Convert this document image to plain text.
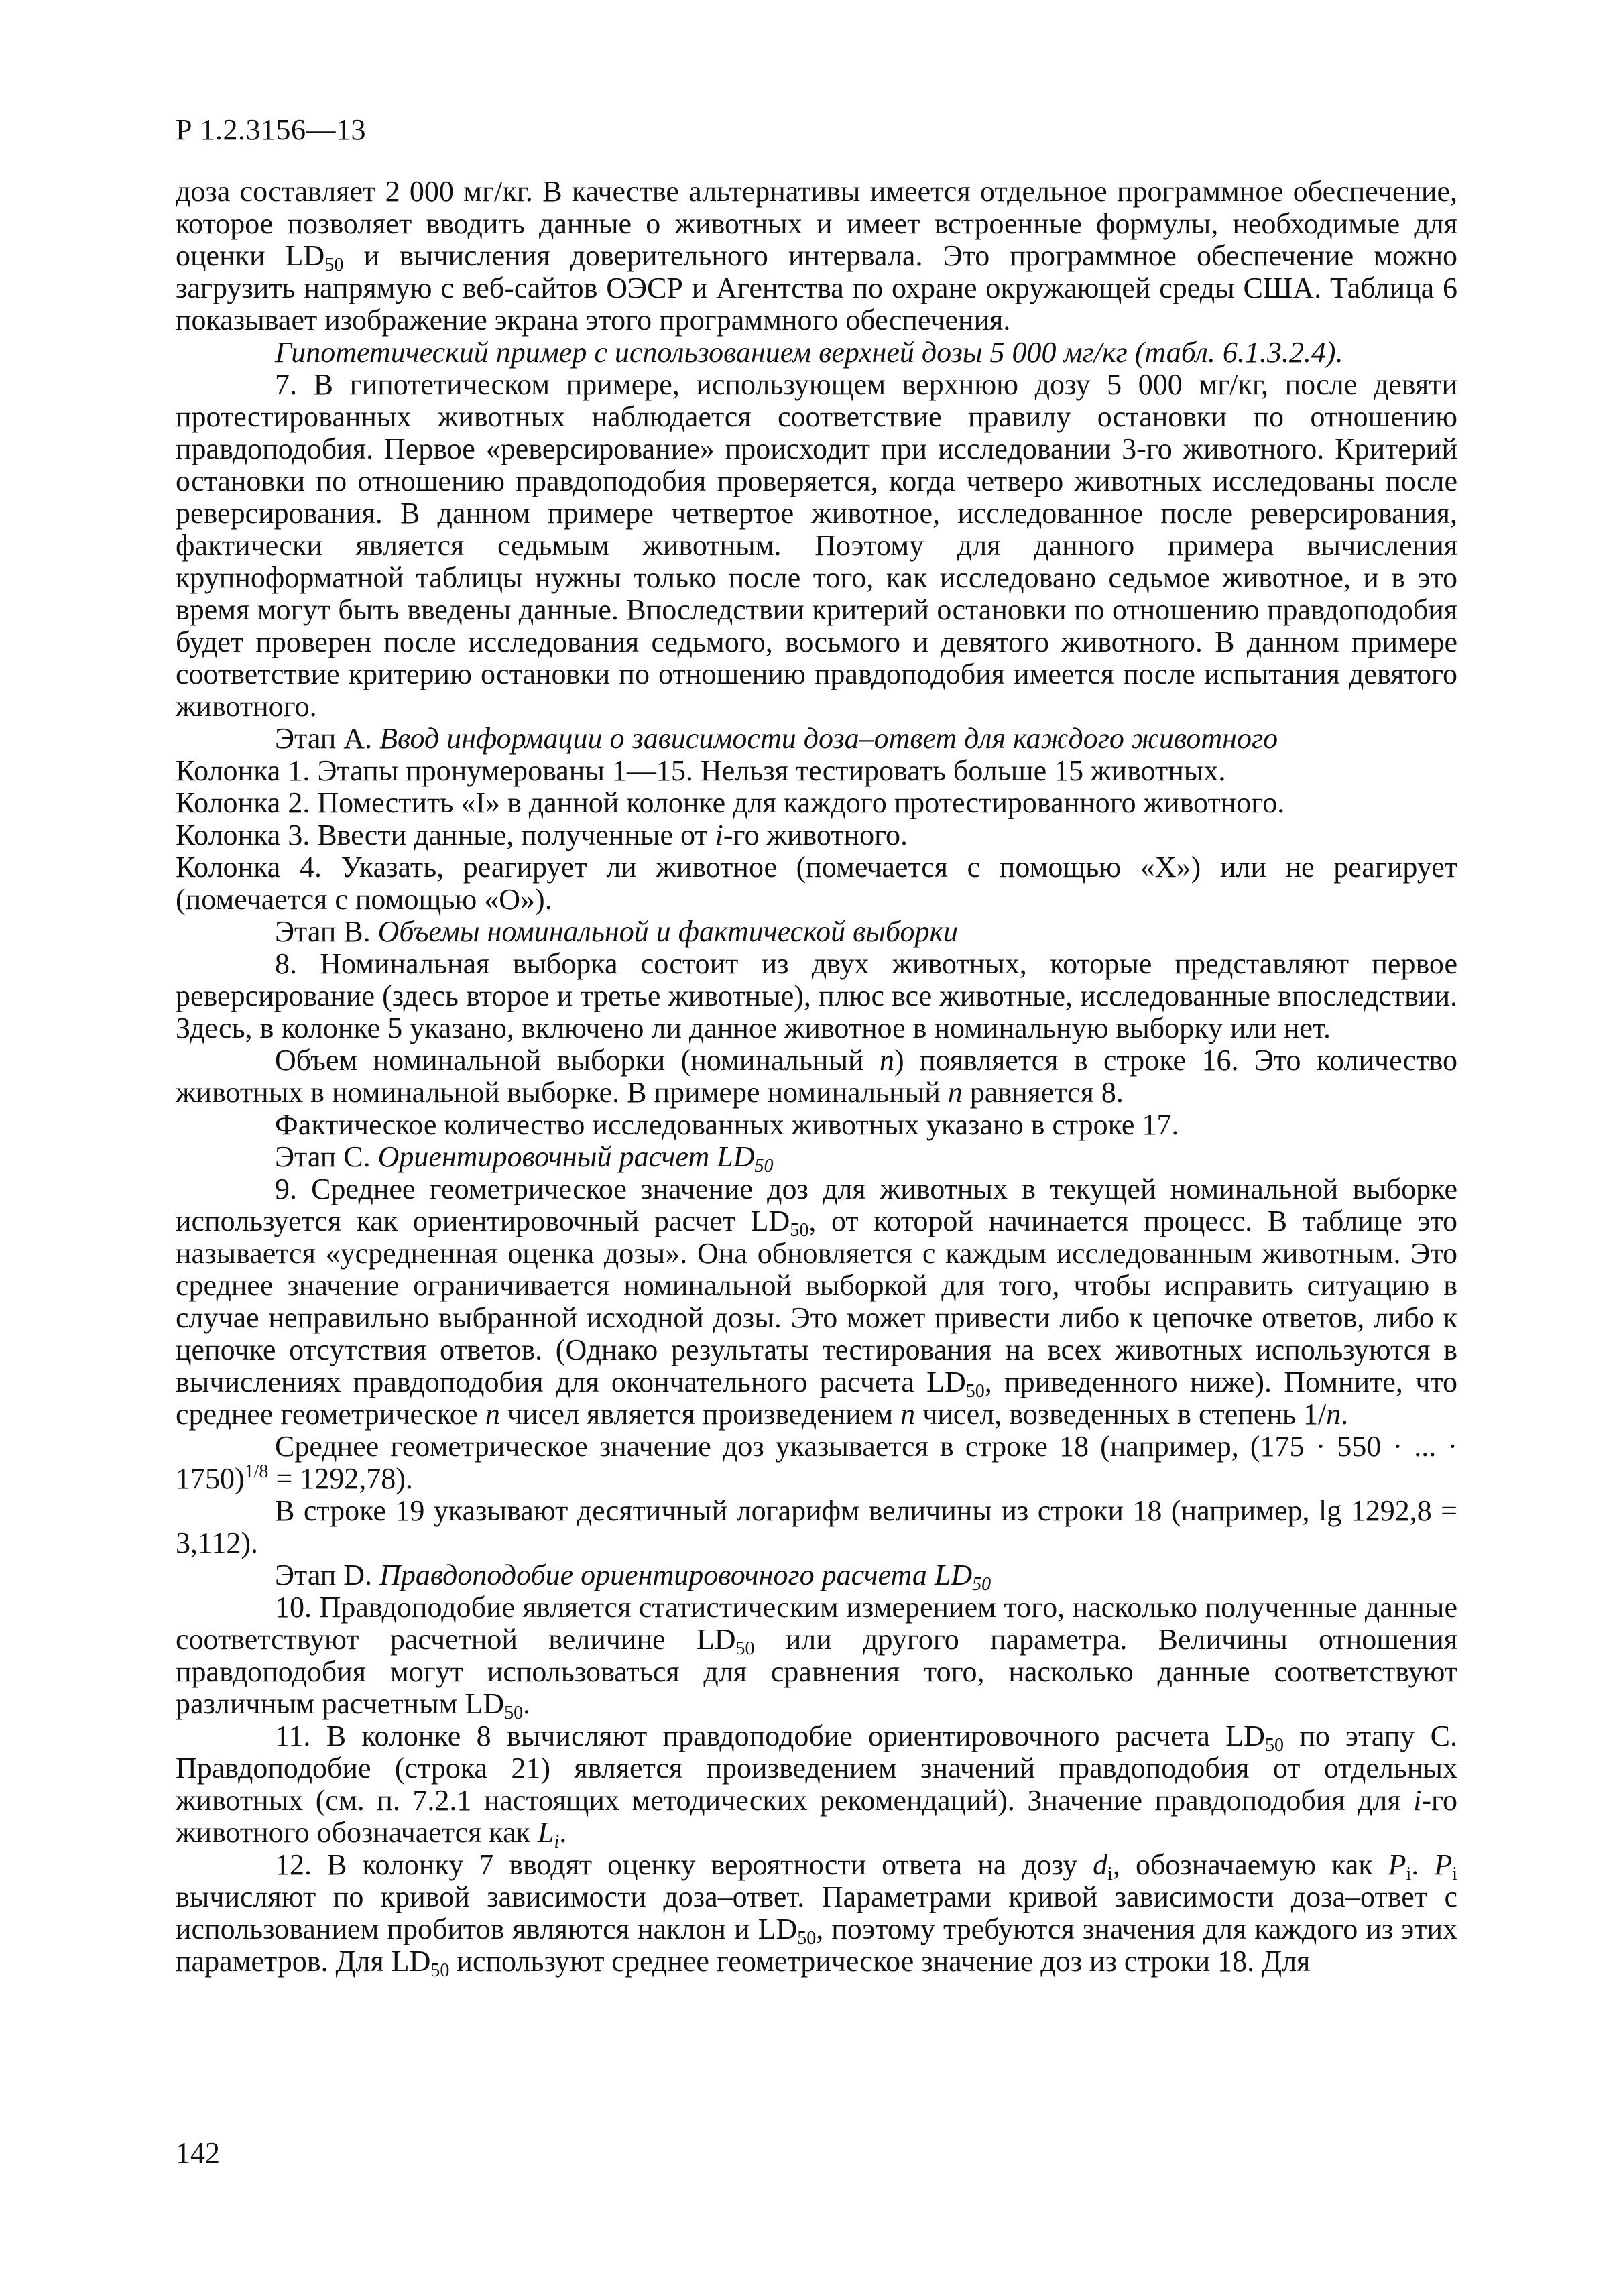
Р 1.2.3156—13

доза составляет 2 000 мг/кг. В качестве альтернативы имеется отдельное программное обеспечение, которое позволяет вводить данные о животных и имеет встроенные формулы, необходимые для оценки $LD_{50}$ и вычисления доверительного интервала. Это программное обеспечение можно загрузить напрямую с веб-сайтов ОЭСР и Агентства по охране окружающей среды США. Таблица 6 показывает изображение экрана этого программного обеспечения.

Гипотетический пример с использованием верхней дозы 5 000 мг/кг (табл. 6.1.3.2.4).

7. В гипотетическом примере, использующем верхнюю дозу 5 000 мг/кг, после девяти протестированных животных наблюдается соответствие правилу остановки по отношению правдоподобия. Первое «реверсирование» происходит при исследовании 3-го животного. Критерий остановки по отношению правдоподобия проверяется, когда четверо животных исследованы после реверсирования. В данном примере четвертое животное, исследованное после реверсирования, фактически является седьмым животным. Поэтому для данного примера вычисления крупноформатной таблицы нужны только после того, как исследовано седьмое животное, и в это время могут быть введены данные. Впоследствии критерий остановки по отношению правдоподобия будет проверен после исследования седьмого, восьмого и девятого животного. В данном примере соответствие критерию остановки по отношению правдоподобия имеется после испытания девятого животного.

Этап А. Ввод информации о зависимости доза–ответ для каждого животного

Колонка 1. Этапы пронумерованы 1—15. Нельзя тестировать больше 15 животных.

Колонка 2. Поместить «I» в данной колонке для каждого протестированного животного.

Колонка 3. Ввести данные, полученные от i-го животного.

Колонка 4. Указать, реагирует ли животное (помечается с помощью «X») или не реагирует (помечается с помощью «O»).

Этап В. Объемы номинальной и фактической выборки

8. Номинальная выборка состоит из двух животных, которые представляют первое реверсирование (здесь второе и третье животные), плюс все животные, исследованные впоследствии. Здесь, в колонке 5 указано, включено ли данное животное в номинальную выборку или нет.

Объем номинальной выборки (номинальный n) появляется в строке 16. Это количество животных в номинальной выборке. В примере номинальный n равняется 8.

Фактическое количество исследованных животных указано в строке 17.

Этап С. Ориентировочный расчет $LD_{50}$

9. Среднее геометрическое значение доз для животных в текущей номинальной выборке используется как ориентировочный расчет $LD_{50}$, от которой начинается процесс. В таблице это называется «усредненная оценка дозы». Она обновляется с каждым исследованным животным. Это среднее значение ограничивается номинальной выборкой для того, чтобы исправить ситуацию в случае неправильно выбранной исходной дозы. Это может привести либо к цепочке ответов, либо к цепочке отсутствия ответов. (Однако результаты тестирования на всех животных используются в вычислениях правдоподобия для окончательного расчета $LD_{50}$, приведенного ниже). Помните, что среднее геометрическое n чисел является произведением n чисел, возведенных в степень 1/n.

Среднее геометрическое значение доз указывается в строке 18 (например, (175 · 550 · ... · 1750)$^{1/8}$ = 1292,78).

В строке 19 указывают десятичный логарифм величины из строки 18 (например, lg 1292,8 = 3,112).

Этап D. Правдоподобие ориентировочного расчета $LD_{50}$

10. Правдоподобие является статистическим измерением того, насколько полученные данные соответствуют расчетной величине $LD_{50}$ или другого параметра. Величины отношения правдоподобия могут использоваться для сравнения того, насколько данные соответствуют различным расчетным $LD_{50}$.

11. В колонке 8 вычисляют правдоподобие ориентировочного расчета $LD_{50}$ по этапу С. Правдоподобие (строка 21) является произведением значений правдоподобия от отдельных животных (см. п. 7.2.1 настоящих методических рекомендаций). Значение правдоподобия для i-го животного обозначается как $L_i$.

12. В колонку 7 вводят оценку вероятности ответа на дозу $d_i$, обозначаемую как $P_i$. $P_i$ вычисляют по кривой зависимости доза–ответ. Параметрами кривой зависимости доза–ответ с использованием пробитов являются наклон и $LD_{50}$, поэтому требуются значения для каждого из этих параметров. Для $LD_{50}$ используют среднее геометрическое значение доз из строки 18. Для

142
